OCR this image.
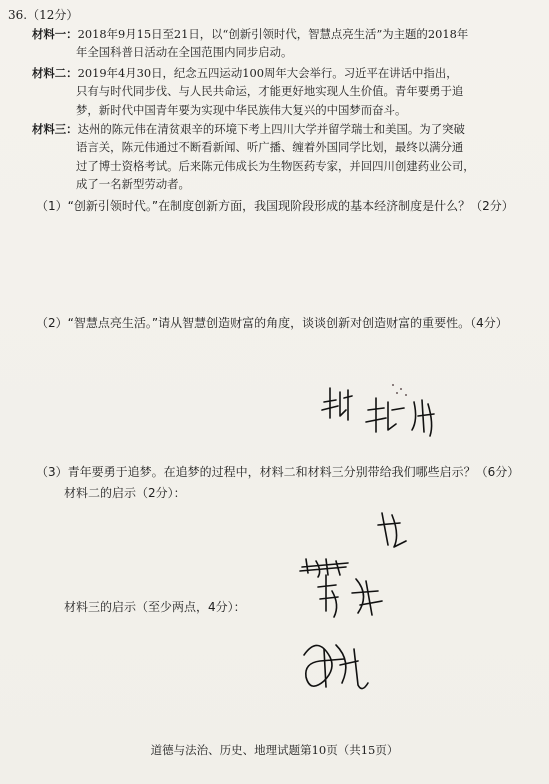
36.（12分）
材料一：2018年9月15日至21日，以“创新引领时代，智慧点亮生活”为主题的2018年
年全国科普日活动在全国范围内同步启动。
材料二：2019年4月30日，纪念五四运动100周年大会举行。习近平在讲话中指出，
只有与时代同步伐、与人民共命运，才能更好地实现人生价值。青年要勇于追
梦，新时代中国青年要为实现中华民族伟大复兴的中国梦而奋斗。
材料三：达州的陈元伟在清贫艰辛的环境下考上四川大学并留学瑞士和美国。为了突破
语言关，陈元伟通过不断看新闻、听广播、缠着外国同学比划，最终以满分通
过了博士资格考试。后来陈元伟成长为生物医药专家，并回四川创建药业公司，
成了一名新型劳动者。
（1）“创新引领时代。”在制度创新方面，我国现阶段形成的基本经济制度是什么？（2分）
（2）“智慧点亮生活。”请从智慧创造财富的角度，谈谈创新对创造财富的重要性。（4分）
（3）青年要勇于追梦。在追梦的过程中，材料二和材料三分别带给我们哪些启示？（6分）
材料二的启示（2分）：
材料三的启示（至少两点，4分）：
道德与法治、历史、地理试题第10页（共15页）
